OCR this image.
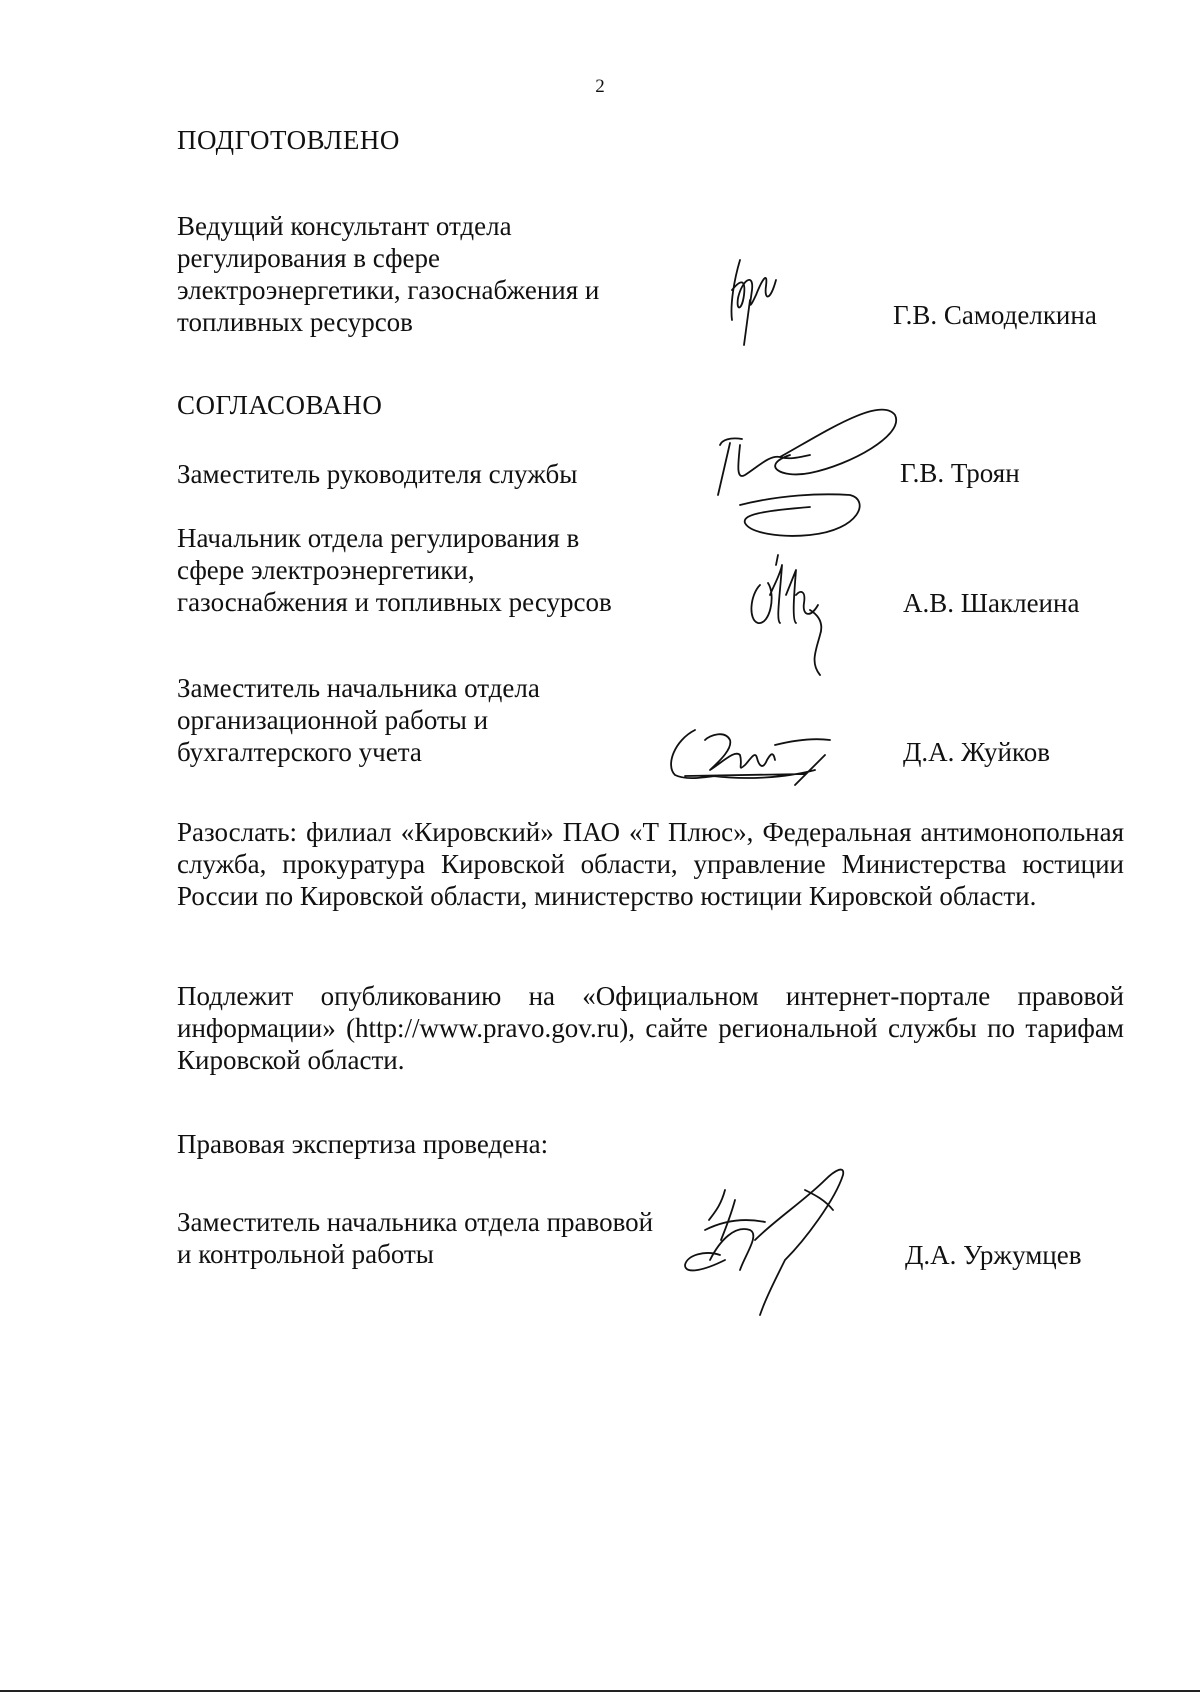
2
ПОДГОТОВЛЕНО
Ведущий консультант отдела
регулирования в сфере
электроэнергетики, газоснабжения и
топливных ресурсов	Г.В. Самоделкина
СОГЛАСОВАНО
Заместитель руководителя службы	Г.В. Троян
Начальник отдела регулирования в
сфере электроэнергетики,
газоснабжения и топливных ресурсов	А.В. Шаклеина
Заместитель начальника отдела
организационной работы и
бухгалтерского учета	Д.А. Жуйков
Разослать: филиал «Кировский» ПАО «Т Плюс», Федеральная антимонопольная служба, прокуратура Кировской области, управление Министерства юстиции России по Кировской области, министерство юстиции Кировской области.
Подлежит опубликованию на «Официальном интернет-портале правовой информации» (http://www.pravo.gov.ru), сайте региональной службы по тарифам Кировской области.
Правовая экспертиза проведена:
Заместитель начальника отдела правовой
и контрольной работы	Д.А. Уржумцев
